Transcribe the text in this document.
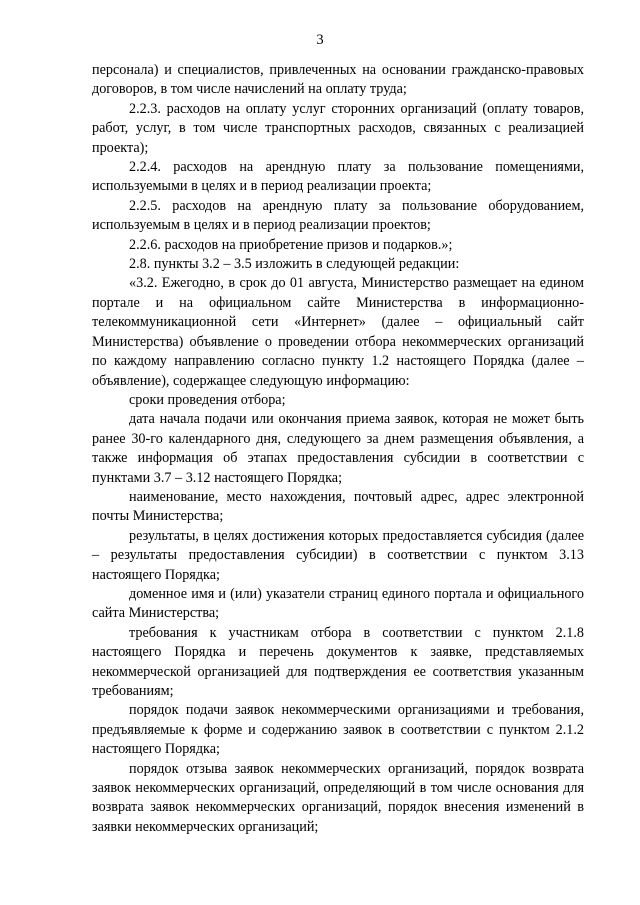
3

персонала) и специалистов, привлеченных на основании гражданско-правовых договоров, в том числе начислений на оплату труда;

2.2.3. расходов на оплату услуг сторонних организаций (оплату товаров, работ, услуг, в том числе транспортных расходов, связанных с реализацией проекта);

2.2.4. расходов на арендную плату за пользование помещениями, используемыми в целях и в период реализации проекта;

2.2.5. расходов на арендную плату за пользование оборудованием, используемым в целях и в период реализации проектов;

2.2.6. расходов на приобретение призов и подарков.»;

2.8. пункты 3.2 – 3.5 изложить в следующей редакции:

«3.2. Ежегодно, в срок до 01 августа, Министерство размещает на едином портале и на официальном сайте Министерства в информационно-телекоммуникационной сети «Интернет» (далее – официальный сайт Министерства) объявление о проведении отбора некоммерческих организаций по каждому направлению согласно пункту 1.2 настоящего Порядка (далее – объявление), содержащее следующую информацию:

сроки проведения отбора;

дата начала подачи или окончания приема заявок, которая не может быть ранее 30-го календарного дня, следующего за днем размещения объявления, а также информация об этапах предоставления субсидии в соответствии с пунктами 3.7 – 3.12 настоящего Порядка;

наименование, место нахождения, почтовый адрес, адрес электронной почты Министерства;

результаты, в целях достижения которых предоставляется субсидия (далее – результаты предоставления субсидии) в соответствии с пунктом 3.13 настоящего Порядка;

доменное имя и (или) указатели страниц единого портала и официального сайта Министерства;

требования к участникам отбора в соответствии с пунктом 2.1.8 настоящего Порядка и перечень документов к заявке, представляемых некоммерческой организацией для подтверждения ее соответствия указанным требованиям;

порядок подачи заявок некоммерческими организациями и требования, предъявляемые к форме и содержанию заявок в соответствии с пунктом 2.1.2 настоящего Порядка;

порядок отзыва заявок некоммерческих организаций, порядок возврата заявок некоммерческих организаций, определяющий в том числе основания для возврата заявок некоммерческих организаций, порядок внесения изменений в заявки некоммерческих организаций;
